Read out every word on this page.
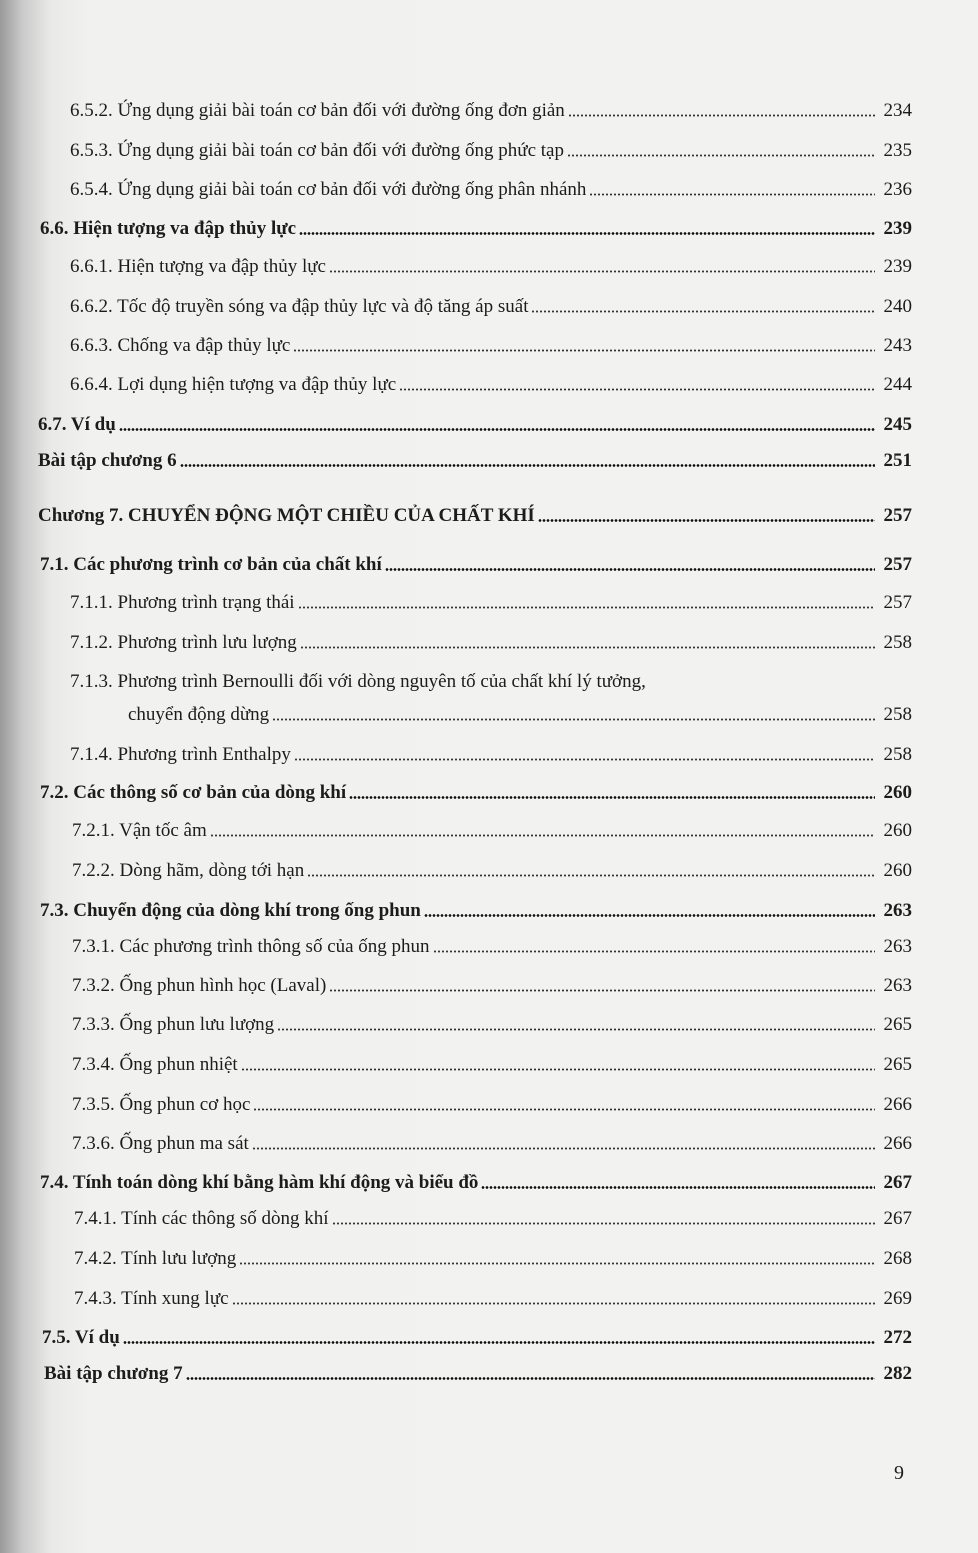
6.5.2. Ứng dụng giải bài toán cơ bản đối với đường ống đơn giản	234
6.5.3. Ứng dụng giải bài toán cơ bản đối với đường ống phức tạp	235
6.5.4. Ứng dụng giải bài toán cơ bản đối với đường ống phân nhánh	236
6.6. Hiện tượng va đập thủy lực	239
6.6.1. Hiện tượng va đập thủy lực	239
6.6.2. Tốc độ truyền sóng va đập thủy lực và độ tăng áp suất	240
6.6.3. Chống va đập thủy lực	243
6.6.4. Lợi dụng hiện tượng va đập thủy lực	244
6.7. Ví dụ	245
Bài tập chương 6	251
Chương 7. CHUYỂN ĐỘNG MỘT CHIỀU CỦA CHẤT KHÍ	257
7.1. Các phương trình cơ bản của chất khí	257
7.1.1. Phương trình trạng thái	257
7.1.2. Phương trình lưu lượng	258
7.1.3. Phương trình Bernoulli đối với dòng nguyên tố của chất khí lý tưởng,
chuyển động dừng	258
7.1.4. Phương trình Enthalpy	258
7.2. Các thông số cơ bản của dòng khí	260
7.2.1. Vận tốc âm	260
7.2.2. Dòng hãm, dòng tới hạn	260
7.3. Chuyển động của dòng khí trong ống phun	263
7.3.1. Các phương trình thông số của ống phun	263
7.3.2. Ống phun hình học (Laval)	263
7.3.3. Ống phun lưu lượng	265
7.3.4. Ống phun nhiệt	265
7.3.5. Ống phun cơ học	266
7.3.6. Ống phun ma sát	266
7.4. Tính toán dòng khí bằng hàm khí động và biểu đồ	267
7.4.1. Tính các thông số dòng khí	267
7.4.2. Tính lưu lượng	268
7.4.3. Tính xung lực	269
7.5. Ví dụ	272
Bài tập chương 7	282
9
